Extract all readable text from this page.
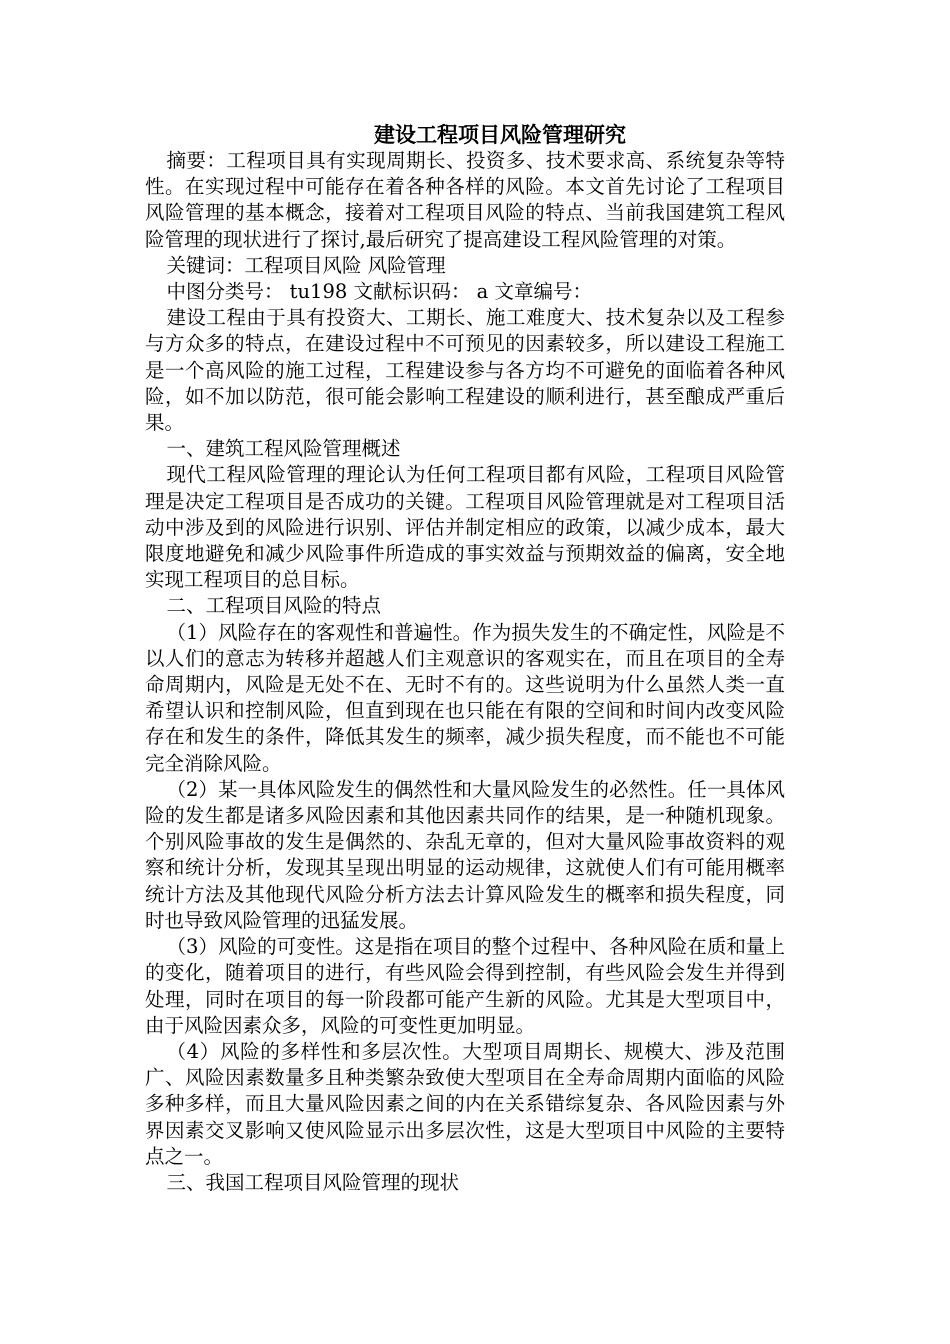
建设工程项目风险管理研究

摘要：工程项目具有实现周期长、投资多、技术要求高、系统复杂等特性。在实现过程中可能存在着各种各样的风险。本文首先讨论了工程项目风险管理的基本概念，接着对工程项目风险的特点、当前我国建筑工程风险管理的现状进行了探讨,最后研究了提高建设工程风险管理的对策。

关键词：工程项目风险 风险管理

中图分类号： tu198 文献标识码： a 文章编号：

建设工程由于具有投资大、工期长、施工难度大、技术复杂以及工程参与方众多的特点，在建设过程中不可预见的因素较多，所以建设工程施工是一个高风险的施工过程，工程建设参与各方均不可避免的面临着各种风险，如不加以防范，很可能会影响工程建设的顺利进行，甚至酿成严重后果。

一、建筑工程风险管理概述

现代工程风险管理的理论认为任何工程项目都有风险，工程项目风险管理是决定工程项目是否成功的关键。工程项目风险管理就是对工程项目活动中涉及到的风险进行识别、评估并制定相应的政策，以减少成本，最大限度地避免和减少风险事件所造成的事实效益与预期效益的偏离，安全地实现工程项目的总目标。

二、工程项目风险的特点

（1）风险存在的客观性和普遍性。作为损失发生的不确定性，风险是不以人们的意志为转移并超越人们主观意识的客观实在，而且在项目的全寿命周期内，风险是无处不在、无时不有的。这些说明为什么虽然人类一直希望认识和控制风险，但直到现在也只能在有限的空间和时间内改变风险存在和发生的条件，降低其发生的频率，减少损失程度，而不能也不可能完全消除风险。

（2）某一具体风险发生的偶然性和大量风险发生的必然性。任一具体风险的发生都是诸多风险因素和其他因素共同作的结果，是一种随机现象。个别风险事故的发生是偶然的、杂乱无章的，但对大量风险事故资料的观察和统计分析，发现其呈现出明显的运动规律，这就使人们有可能用概率统计方法及其他现代风险分析方法去计算风险发生的概率和损失程度，同时也导致风险管理的迅猛发展。

（3）风险的可变性。这是指在项目的整个过程中、各种风险在质和量上的变化，随着项目的进行，有些风险会得到控制，有些风险会发生并得到处理，同时在项目的每一阶段都可能产生新的风险。尤其是大型项目中，由于风险因素众多，风险的可变性更加明显。

（4）风险的多样性和多层次性。大型项目周期长、规模大、涉及范围广、风险因素数量多且种类繁杂致使大型项目在全寿命周期内面临的风险多种多样，而且大量风险因素之间的内在关系错综复杂、各风险因素与外界因素交叉影响又使风险显示出多层次性，这是大型项目中风险的主要特点之一。

三、我国工程项目风险管理的现状
